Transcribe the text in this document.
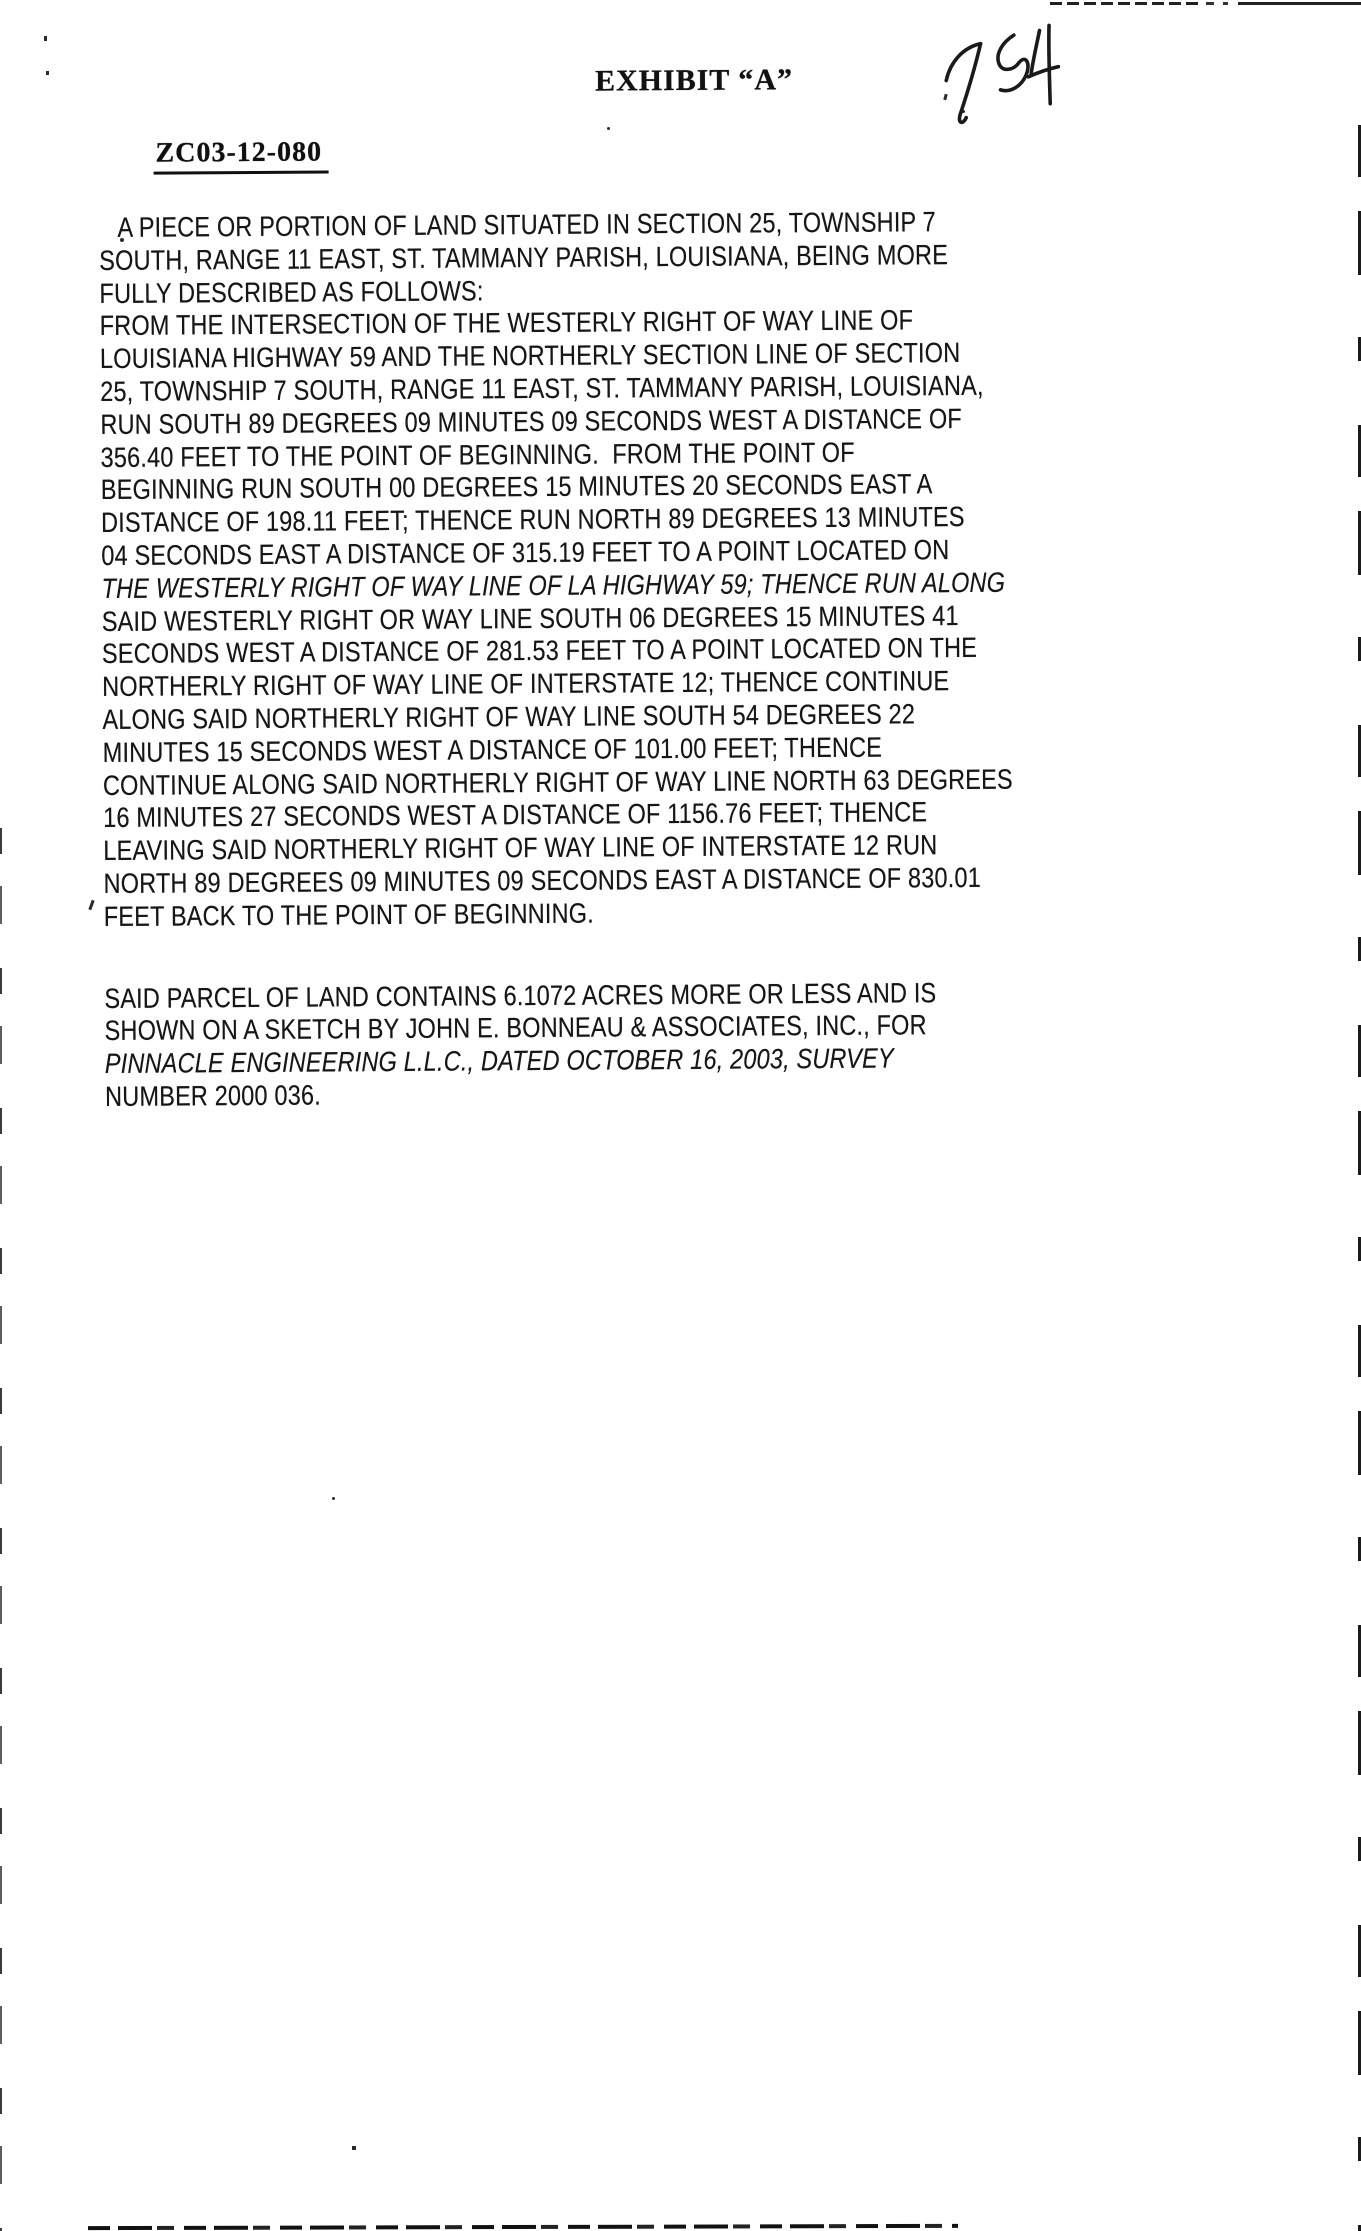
EXHIBIT “A”
ZC03-12-080
A PIECE OR PORTION OF LAND SITUATED IN SECTION 25, TOWNSHIP 7
SOUTH, RANGE 11 EAST, ST. TAMMANY PARISH, LOUISIANA, BEING MORE
FULLY DESCRIBED AS FOLLOWS:
FROM THE INTERSECTION OF THE WESTERLY RIGHT OF WAY LINE OF
LOUISIANA HIGHWAY 59 AND THE NORTHERLY SECTION LINE OF SECTION
25, TOWNSHIP 7 SOUTH, RANGE 11 EAST, ST. TAMMANY PARISH, LOUISIANA,
RUN SOUTH 89 DEGREES 09 MINUTES 09 SECONDS WEST A DISTANCE OF
356.40 FEET TO THE POINT OF BEGINNING.  FROM THE POINT OF
BEGINNING RUN SOUTH 00 DEGREES 15 MINUTES 20 SECONDS EAST A
DISTANCE OF 198.11 FEET; THENCE RUN NORTH 89 DEGREES 13 MINUTES
04 SECONDS EAST A DISTANCE OF 315.19 FEET TO A POINT LOCATED ON
THE WESTERLY RIGHT OF WAY LINE OF LA HIGHWAY 59; THENCE RUN ALONG
SAID WESTERLY RIGHT OR WAY LINE SOUTH 06 DEGREES 15 MINUTES 41
SECONDS WEST A DISTANCE OF 281.53 FEET TO A POINT LOCATED ON THE
NORTHERLY RIGHT OF WAY LINE OF INTERSTATE 12; THENCE CONTINUE
ALONG SAID NORTHERLY RIGHT OF WAY LINE SOUTH 54 DEGREES 22
MINUTES 15 SECONDS WEST A DISTANCE OF 101.00 FEET; THENCE
CONTINUE ALONG SAID NORTHERLY RIGHT OF WAY LINE NORTH 63 DEGREES
16 MINUTES 27 SECONDS WEST A DISTANCE OF 1156.76 FEET; THENCE
LEAVING SAID NORTHERLY RIGHT OF WAY LINE OF INTERSTATE 12 RUN
NORTH 89 DEGREES 09 MINUTES 09 SECONDS EAST A DISTANCE OF 830.01
FEET BACK TO THE POINT OF BEGINNING.
SAID PARCEL OF LAND CONTAINS 6.1072 ACRES MORE OR LESS AND IS
SHOWN ON A SKETCH BY JOHN E. BONNEAU & ASSOCIATES, INC., FOR
PINNACLE ENGINEERING L.L.C., DATED OCTOBER 16, 2003, SURVEY
NUMBER 2000 036.
